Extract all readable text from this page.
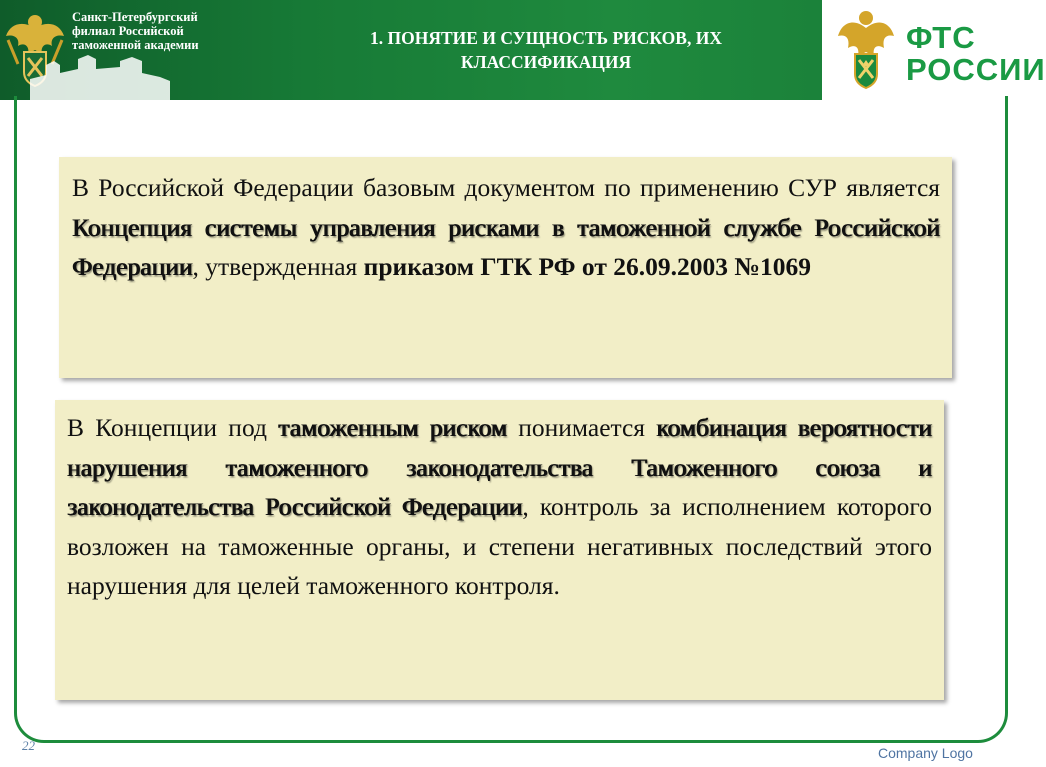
Санкт-Петербургский
филиал Российской
таможенной академии	1. ПОНЯТИЕ И СУЩНОСТЬ РИСКОВ, ИХ
КЛАССИФИКАЦИЯ
ФТС
РОССИИ
В Российской Федерации базовым документом по применению СУР является Концепция системы управления рисками в таможенной службе Российской Федерации, утвержденная приказом ГТК РФ от 26.09.2003 №1069
В Концепции под таможенным риском понимается комбинация вероятности нарушения таможенного законодательства Таможенного союза и законодательства Российской Федерации, контроль за исполнением которого возложен на таможенные органы, и степени негативных последствий этого нарушения для целей таможенного контроля.
22	Company Logo
